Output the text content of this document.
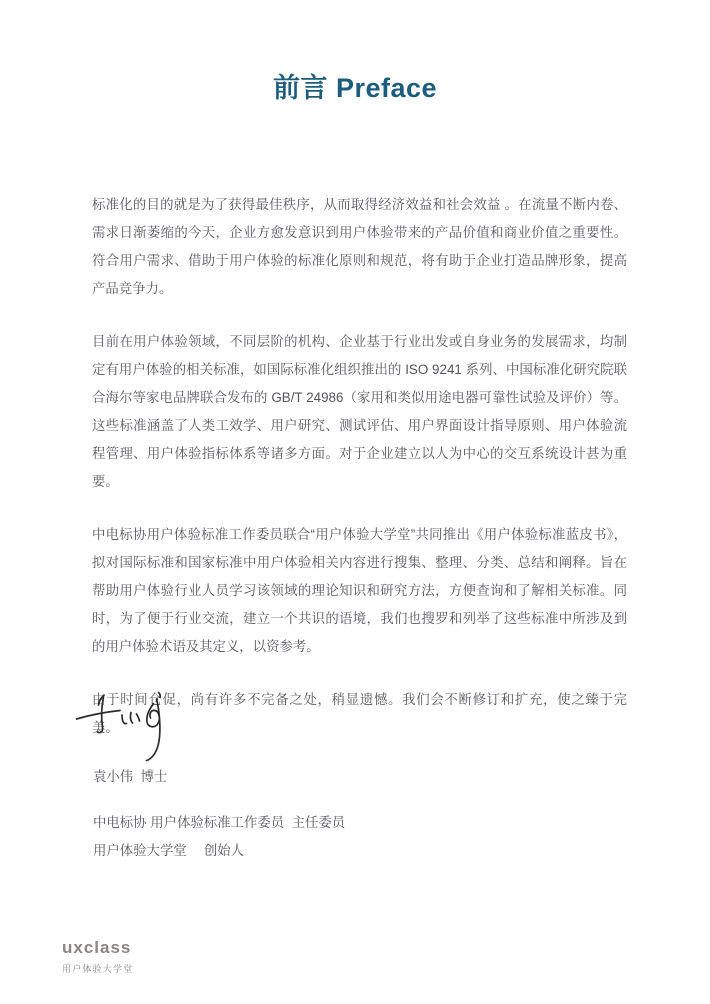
前言 Preface

标准化的目的就是为了获得最佳秩序，从而取得经济效益和社会效益 。在流量不断内卷、需求日渐萎缩的今天，企业方愈发意识到用户体验带来的产品价值和商业价值之重要性。符合用户需求、借助于用户体验的标准化原则和规范，将有助于企业打造品牌形象，提高产品竞争力。

目前在用户体验领域，不同层阶的机构、企业基于行业出发或自身业务的发展需求，均制定有用户体验的相关标准，如国际标准化组织推出的 ISO 9241 系列、中国标准化研究院联合海尔等家电品牌联合发布的 GB/T 24986（家用和类似用途电器可靠性试验及评价）等。这些标准涵盖了人类工效学、用户研究、测试评估、用户界面设计指导原则、用户体验流程管理、用户体验指标体系等诸多方面。对于企业建立以人为中心的交互系统设计甚为重要。

中电标协用户体验标准工作委员联合“用户体验大学堂”共同推出《用户体验标准蓝皮书》， 拟对国际标准和国家标准中用户体验相关内容进行搜集、整理、分类、总结和阐释。旨在帮助用户体验行业人员学习该领域的理论知识和研究方法，方便查询和了解相关标准。同时，为了便于行业交流，建立一个共识的语境，我们也搜罗和列举了这些标准中所涉及到的用户体验术语及其定义，以资参考。

由于时间仓促，尚有许多不完备之处，稍显遗憾。我们会不断修订和扩充，使之臻于完美。

袁小伟  博士
中电标协 用户体验标准工作委员  主任委员
用户体验大学堂　 创始人
uxclass
用户体验大学堂
